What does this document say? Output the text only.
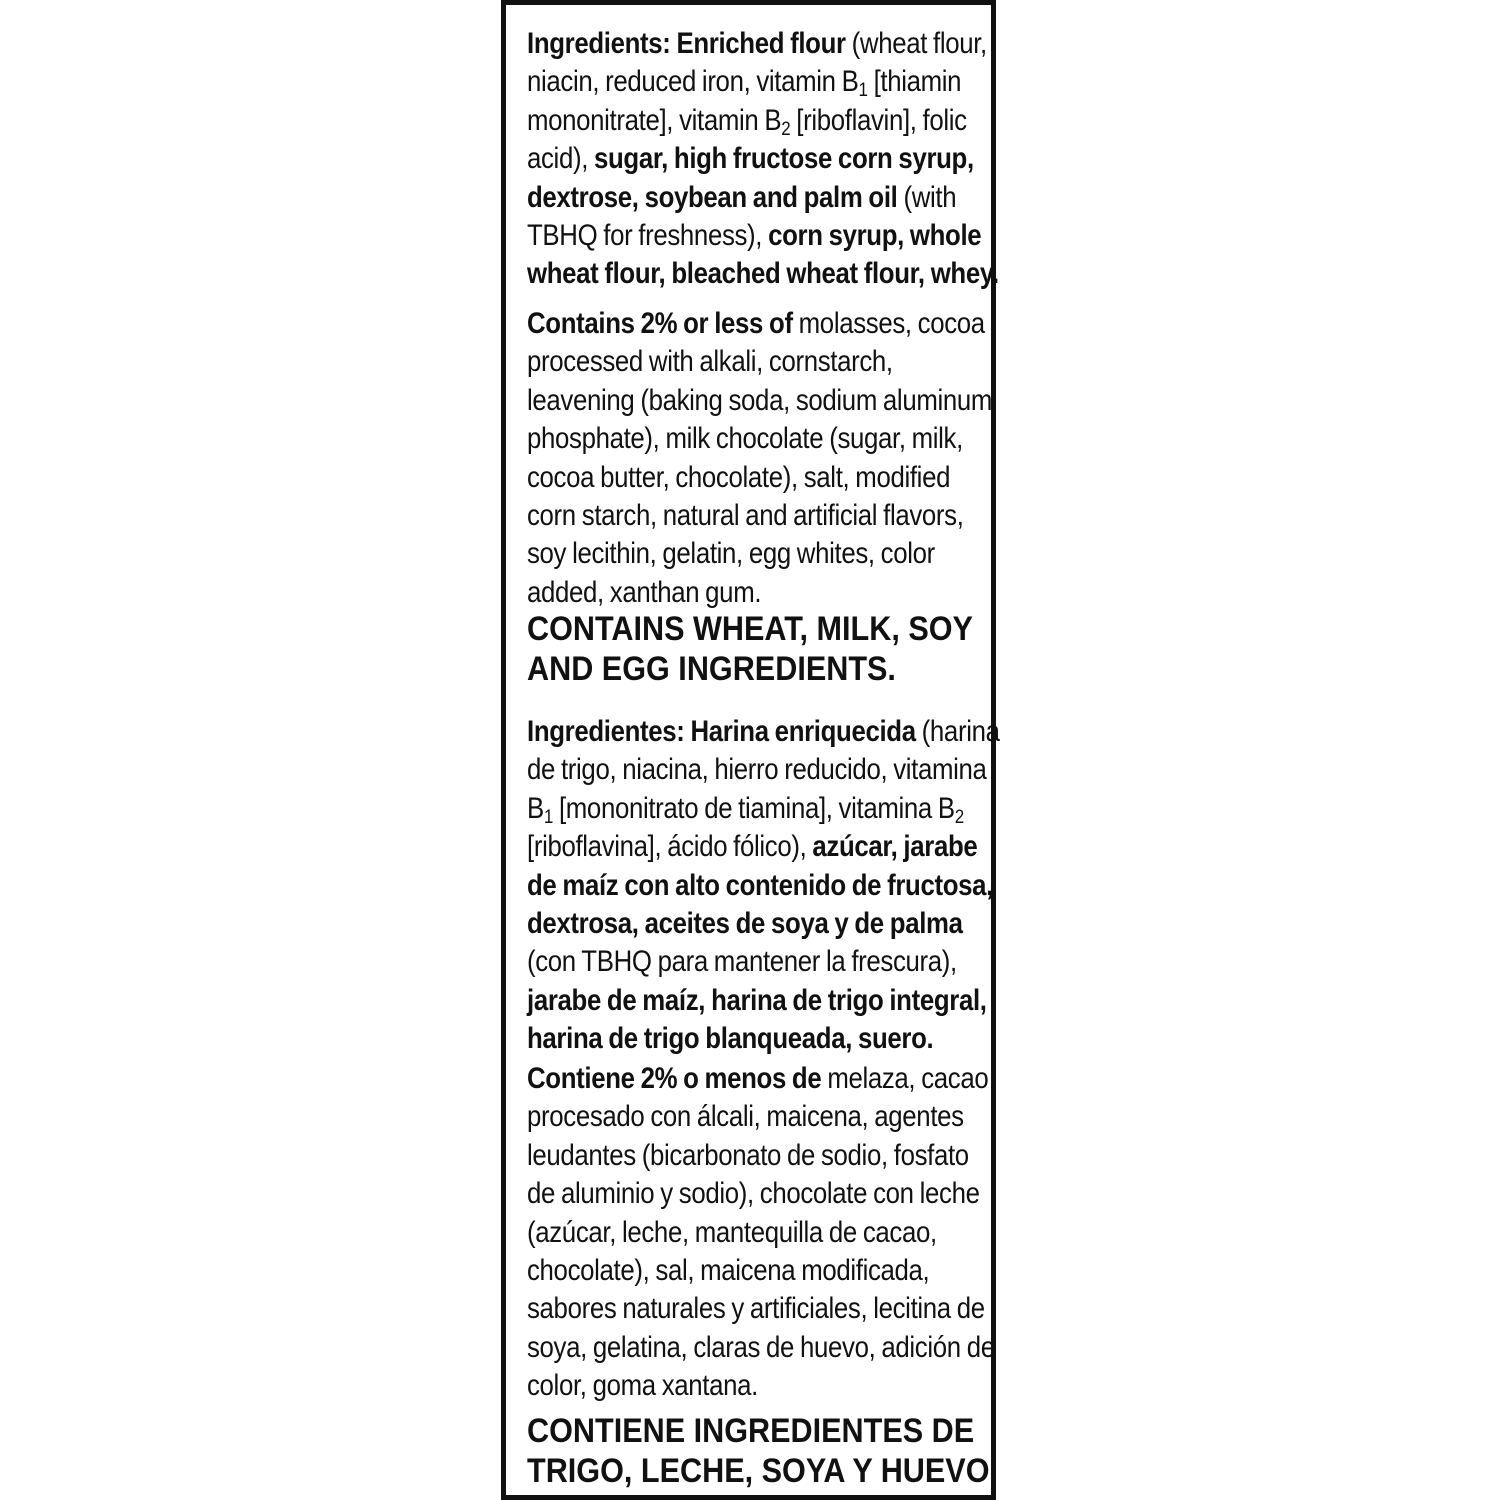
Ingredients: Enriched flour (wheat flour,
niacin, reduced iron, vitamin $B_1$ [thiamin
mononitrate], vitamin $B_2$ [riboflavin], folic
acid), sugar, high fructose corn syrup,
dextrose, soybean and palm oil (with
TBHQ for freshness), corn syrup, whole
wheat flour, bleached wheat flour, whey.
Contains 2% or less of molasses, cocoa
processed with alkali, cornstarch,
leavening (baking soda, sodium aluminum
phosphate), milk chocolate (sugar, milk,
cocoa butter, chocolate), salt, modified
corn starch, natural and artificial flavors,
soy lecithin, gelatin, egg whites, color
added, xanthan gum.
CONTAINS WHEAT, MILK, SOY
AND EGG INGREDIENTS.
Ingredientes: Harina enriquecida (harina
de trigo, niacina, hierro reducido, vitamina
$B_1$ [mononitrato de tiamina], vitamina $B_2$
[riboflavina], ácido fólico), azúcar, jarabe
de maíz con alto contenido de fructosa,
dextrosa, aceites de soya y de palma
(con TBHQ para mantener la frescura),
jarabe de maíz, harina de trigo integral,
harina de trigo blanqueada, suero.
Contiene 2% o menos de melaza, cacao
procesado con álcali, maicena, agentes
leudantes (bicarbonato de sodio, fosfato
de aluminio y sodio), chocolate con leche
(azúcar, leche, mantequilla de cacao,
chocolate), sal, maicena modificada,
sabores naturales y artificiales, lecitina de
soya, gelatina, claras de huevo, adición de
color, goma xantana.
CONTIENE INGREDIENTES DE
TRIGO, LECHE, SOYA Y HUEVO.
